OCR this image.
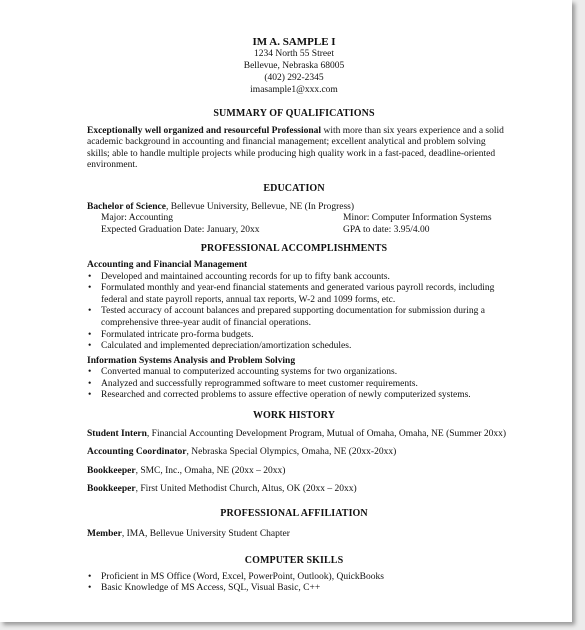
IM A. SAMPLE I
1234 North 55 Street
Bellevue, Nebraska 68005
(402) 292-2345
imasample1@xxx.com
SUMMARY OF QUALIFICATIONS

Exceptionally well organized and resourceful Professional with more than six years experience and a solid academic background in accounting and financial management; excellent analytical and problem solving skills; able to handle multiple projects while producing high quality work in a fast-paced, deadline-oriented environment.

EDUCATION

Bachelor of Science, Bellevue University, Bellevue, NE (In Progress)

Major: Accounting	Minor: Computer Information Systems
Expected Graduation Date: January, 20xx	GPA to date: 3.95/4.00
PROFESSIONAL ACCOMPLISHMENTS
Accounting and Financial Management
• Developed and maintained accounting records for up to fifty bank accounts.
• Formulated monthly and year-end financial statements and generated various payroll records, including federal and state payroll reports, annual tax reports, W-2 and 1099 forms, etc.
• Tested accuracy of account balances and prepared supporting documentation for submission during a comprehensive three-year audit of financial operations.
• Formulated intricate pro-forma budgets.
• Calculated and implemented depreciation/amortization schedules.
Information Systems Analysis and Problem Solving
• Converted manual to computerized accounting systems for two organizations.
• Analyzed and successfully reprogrammed software to meet customer requirements.
• Researched and corrected problems to assure effective operation of newly computerized systems.
WORK HISTORY

Student Intern, Financial Accounting Development Program, Mutual of Omaha, Omaha, NE (Summer 20xx)

Accounting Coordinator, Nebraska Special Olympics, Omaha, NE (20xx-20xx)

Bookkeeper, SMC, Inc., Omaha, NE (20xx – 20xx)

Bookkeeper, First United Methodist Church, Altus, OK (20xx – 20xx)

PROFESSIONAL AFFILIATION

Member, IMA, Bellevue University Student Chapter

COMPUTER SKILLS
• Proficient in MS Office (Word, Excel, PowerPoint, Outlook), QuickBooks
• Basic Knowledge of MS Access, SQL, Visual Basic, C++
